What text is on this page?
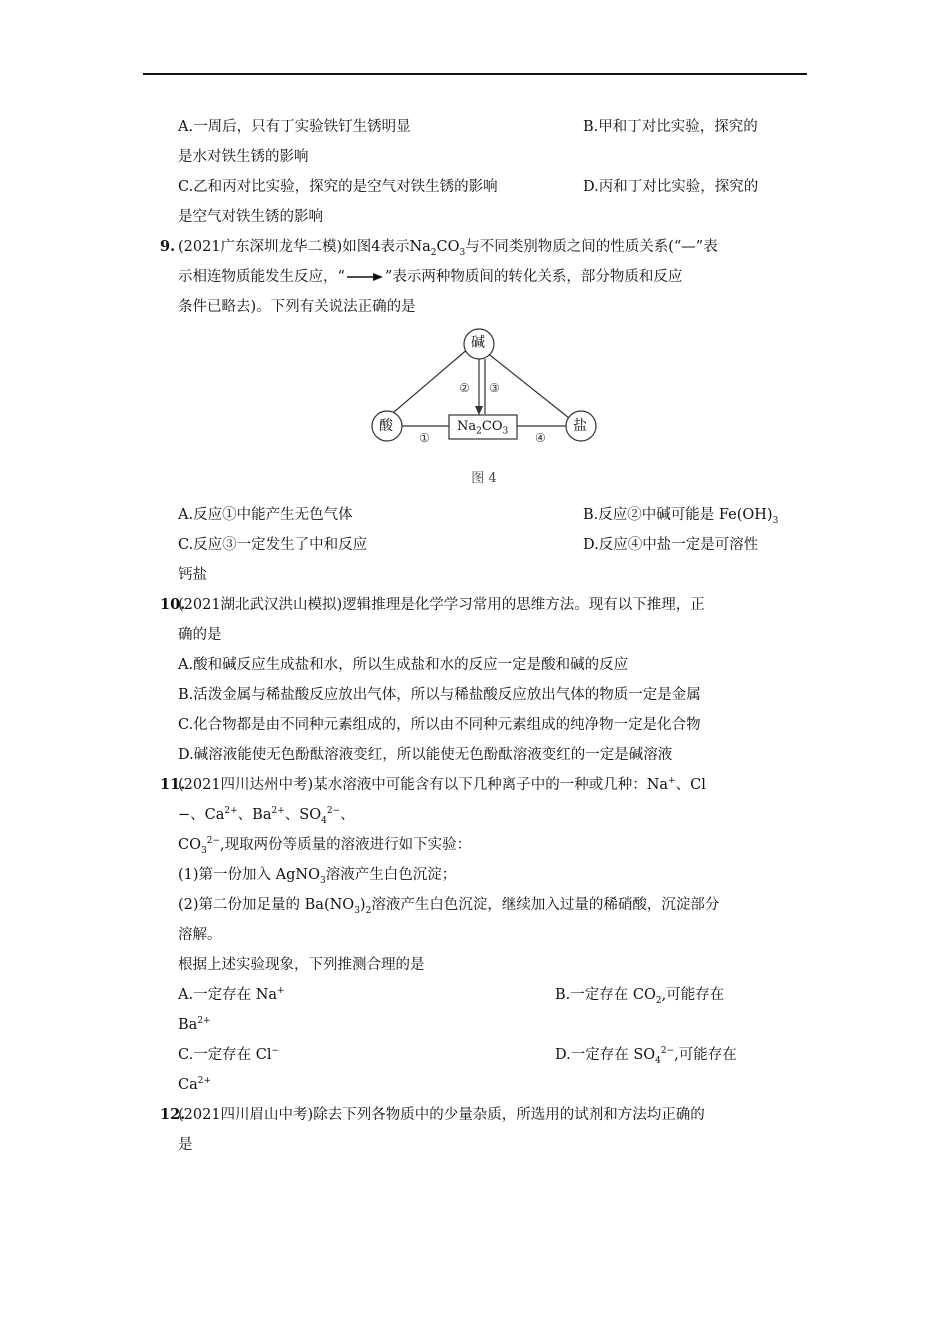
A.一周后，只有丁实验铁钉生锈明显	B.甲和丁对比实验，探究的
是水对铁生锈的影响
C.乙和丙对比实验，探究的是空气对铁生锈的影响	D.丙和丁对比实验，探究的
是空气对铁生锈的影响
9. (2021广东深圳龙华二模)如图4表示$Na_2CO_3$与不同类别物质之间的性质关系(“—”表
示相连物质能发生反应，“	”表示两种物质间的转化关系，部分物质和反应
条件已略去)。下列有关说法正确的是
碱
酸	盐
$Na_2CO_3$
①
② ③
④
图 4
A.反应①中能产生无色气体	B.反应②中碱可能是 $Fe(OH)_3$
C.反应③一定发生了中和反应	D.反应④中盐一定是可溶性
钙盐
10.
(2021湖北武汉洪山模拟)逻辑推理是化学学习常用的思维方法。现有以下推理，正
确的是
A.酸和碱反应生成盐和水，所以生成盐和水的反应一定是酸和碱的反应
B.活泼金属与稀盐酸反应放出气体，所以与稀盐酸反应放出气体的物质一定是金属
C.化合物都是由不同种元素组成的，所以由不同种元素组成的纯净物一定是化合物
D.碱溶液能使无色酚酞溶液变红，所以能使无色酚酞溶液变红的一定是碱溶液
11.
(2021四川达州中考)某水溶液中可能含有以下几种离子中的一种或几种：Na+、Cl
−、$Ca^{2+}$、$Ba^{2+}$、$SO_4^{2-}$、
$CO_3^{2-}$,现取两份等质量的溶液进行如下实验：
(1)第一份加入 AgNO$_3$溶液产生白色沉淀；
(2)第二份加足量的 $Ba(NO_3)_2$溶液产生白色沉淀，继续加入过量的稀硝酸，沉淀部分
溶解。
根据上述实验现象，下列推测合理的是
A.一定存在 Na+	B.一定存在 $CO_2$,可能存在
$Ba^{2+}$
C.一定存在 Cl−	D.一定存在 $SO_4^{2-}$,可能存在
$Ca^{2+}$
12.
(2021四川眉山中考)除去下列各物质中的少量杂质，所选用的试剂和方法均正确的
是
